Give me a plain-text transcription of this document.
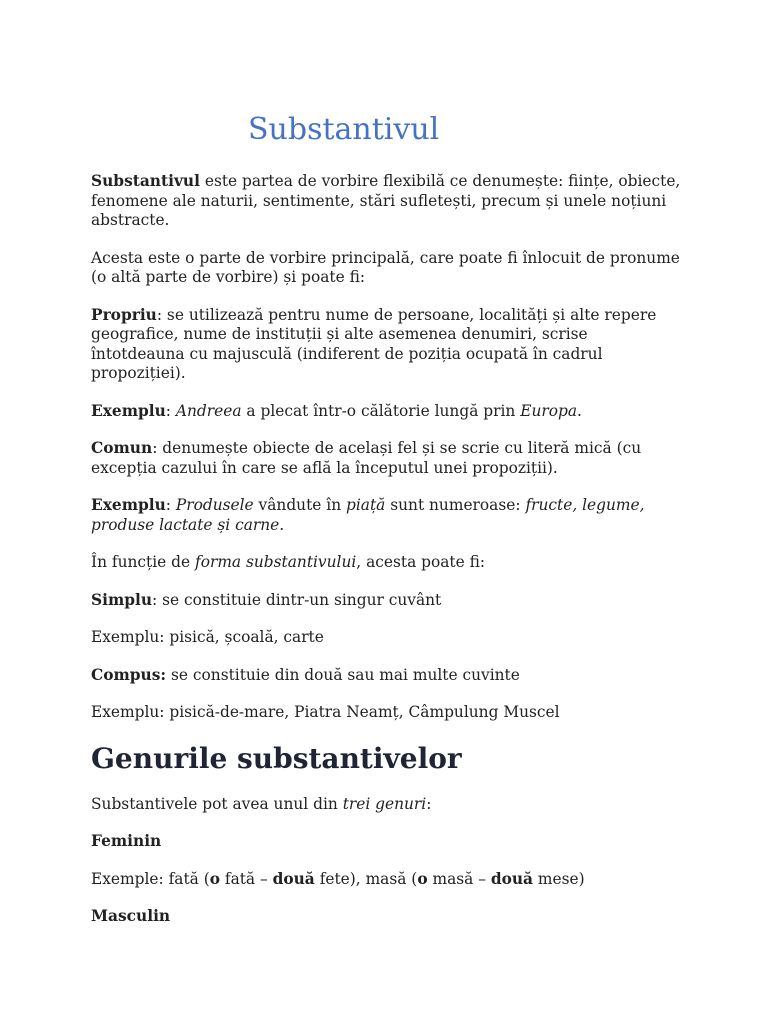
Substantivul

Substantivul este partea de vorbire flexibilă ce denumește: ființe, obiecte, fenomene ale naturii, sentimente, stări sufletești, precum și unele noțiuni abstracte.

Acesta este o parte de vorbire principală, care poate fi înlocuit de pronume (o altă parte de vorbire) și poate fi:

Propriu: se utilizează pentru nume de persoane, localități și alte repere geografice, nume de instituții și alte asemenea denumiri, scrise întotdeauna cu majusculă (indiferent de poziția ocupată în cadrul propoziției).

Exemplu: Andreea a plecat într-o călătorie lungă prin Europa.

Comun: denumește obiecte de același fel și se scrie cu literă mică (cu excepția cazului în care se află la începutul unei propoziții).

Exemplu: Produsele vândute în piață sunt numeroase: fructe, legume, produse lactate și carne.

În funcție de forma substantivului, acesta poate fi:

Simplu: se constituie dintr-un singur cuvânt

Exemplu: pisică, școală, carte

Compus: se constituie din două sau mai multe cuvinte

Exemplu: pisică-de-mare, Piatra Neamț, Câmpulung Muscel

Genurile substantivelor

Substantivele pot avea unul din trei genuri:

Feminin

Exemple: fată (o fată – două fete), masă (o masă – două mese)

Masculin
